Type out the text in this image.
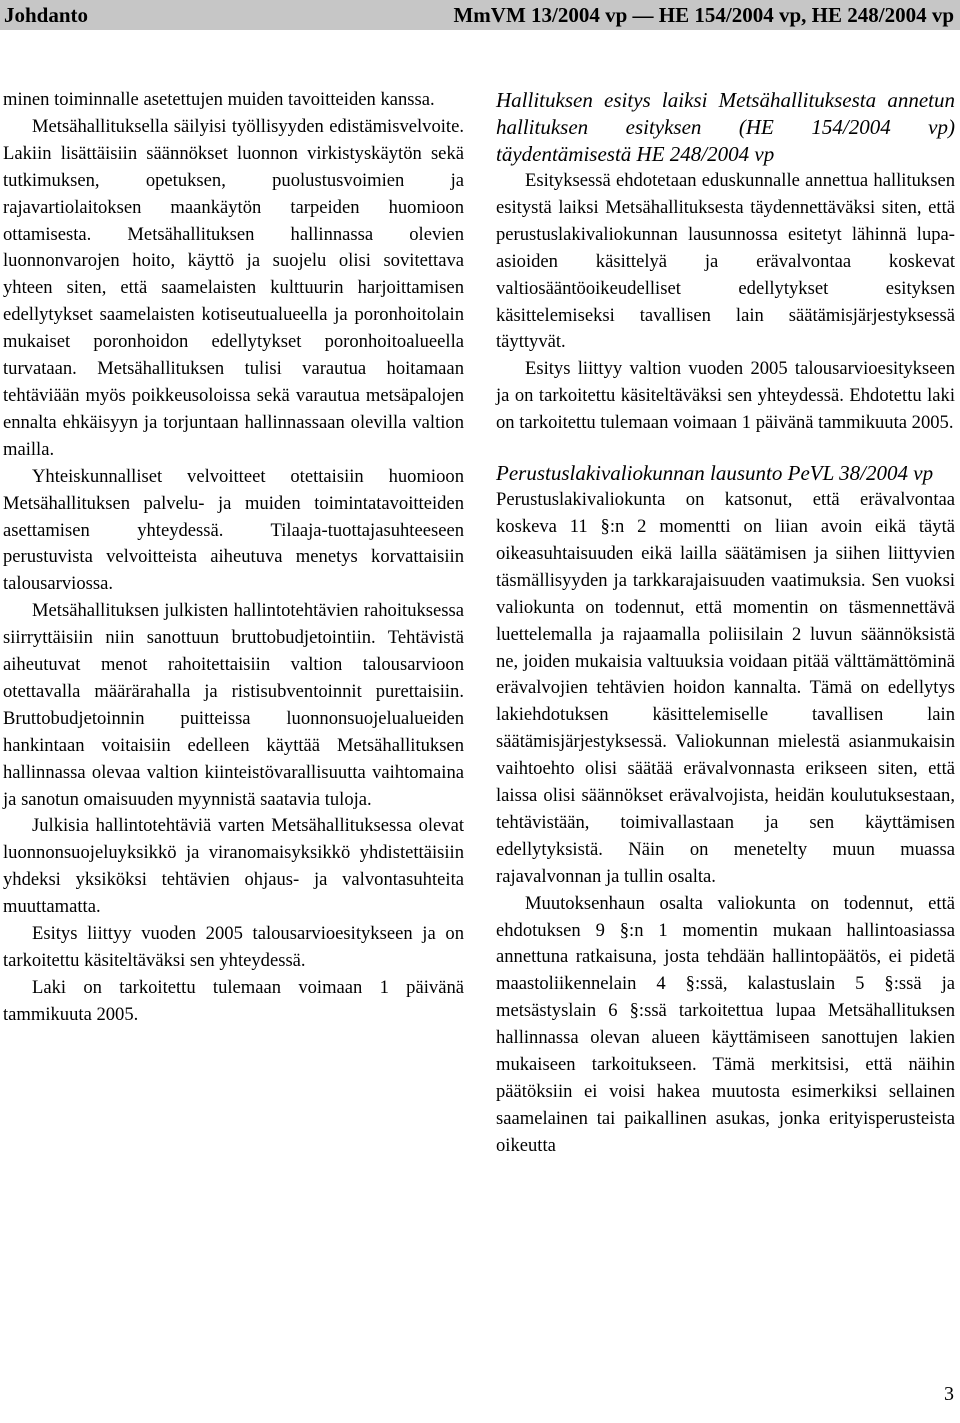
Johdanto	MmVM 13/2004 vp — HE 154/2004 vp, HE 248/2004 vp

minen toiminnalle asetettujen muiden tavoitteiden kanssa.

Metsähallituksella säilyisi työllisyyden edistämisvelvoite. Lakiin lisättäisiin säännökset luonnon virkistyskäytön sekä tutkimuksen, opetuksen, puolustusvoimien ja rajavartiolaitoksen maankäytön tarpeiden huomioon ottamisesta. Metsähallituksen hallinnassa olevien luonnonvarojen hoito, käyttö ja suojelu olisi sovitettava yhteen siten, että saamelaisten kulttuurin harjoittamisen edellytykset saamelaisten kotiseutualueella ja poronhoitolain mukaiset poronhoidon edellytykset poronhoitoalueella turvataan. Metsähallituksen tulisi varautua hoitamaan tehtäviään myös poikkeusoloissa sekä varautua metsäpalojen ennalta ehkäisyyn ja torjuntaan hallinnassaan olevilla valtion mailla.

Yhteiskunnalliset velvoitteet otettaisiin huomioon Metsähallituksen palvelu- ja muiden toimintatavoitteiden asettamisen yhteydessä. Tilaaja-tuottajasuhteeseen perustuvista velvoitteista aiheutuva menetys korvattaisiin talousarviossa.

Metsähallituksen julkisten hallintotehtävien rahoituksessa siirryttäisiin niin sanottuun bruttobudjetointiin. Tehtävistä aiheutuvat menot rahoitettaisiin valtion talousarvioon otettavalla määrärahalla ja ristisubventoinnit purettaisiin. Bruttobudjetoinnin puitteissa luonnonsuojelualueiden hankintaan voitaisiin edelleen käyttää Metsähallituksen hallinnassa olevaa valtion kiinteistövarallisuutta vaihtomaina ja sanotun omaisuuden myynnistä saatavia tuloja.

Julkisia hallintotehtäviä varten Metsähallituksessa olevat luonnonsuojeluyksikkö ja viranomaisyksikkö yhdistettäisiin yhdeksi yksiköksi tehtävien ohjaus- ja valvontasuhteita muuttamatta.

Esitys liittyy vuoden 2005 talousarvioesitykseen ja on tarkoitettu käsiteltäväksi sen yhteydessä.

Laki on tarkoitettu tulemaan voimaan 1 päivänä tammikuuta 2005.

Hallituksen esitys laiksi Metsähallituksesta annetun hallituksen esityksen (HE 154/2004 vp) täydentämisestä HE 248/2004 vp

Esityksessä ehdotetaan eduskunnalle annettua hallituksen esitystä laiksi Metsähallituksesta täydennettäväksi siten, että perustuslakivaliokunnan lausunnossa esitetyt lähinnä lupa-asioiden käsittelyä ja erävalvontaa koskevat valtiosääntöoikeudelliset edellytykset esityksen käsittelemiseksi tavallisen lain säätämisjärjestyksessä täyttyvät.

Esitys liittyy valtion vuoden 2005 talousarvioesitykseen ja on tarkoitettu käsiteltäväksi sen yhteydessä. Ehdotettu laki on tarkoitettu tulemaan voimaan 1 päivänä tammikuuta 2005.

Perustuslakivaliokunnan lausunto PeVL 38/2004 vp

Perustuslakivaliokunta on katsonut, että erävalvontaa koskeva 11 §:n 2 momentti on liian avoin eikä täytä oikeasuhtaisuuden eikä lailla säätämisen ja siihen liittyvien täsmällisyyden ja tarkkarajaisuuden vaatimuksia. Sen vuoksi valiokunta on todennut, että momentin on täsmennettävä luettelemalla ja rajaamalla poliisilain 2 luvun säännöksistä ne, joiden mukaisia valtuuksia voidaan pitää välttämättöminä erävalvojien tehtävien hoidon kannalta. Tämä on edellytys lakiehdotuksen käsittelemiselle tavallisen lain säätämisjärjestyksessä. Valiokunnan mielestä asianmukaisin vaihtoehto olisi säätää erävalvonnasta erikseen siten, että laissa olisi säännökset erävalvojista, heidän koulutuksestaan, tehtävistään, toimivallastaan ja sen käyttämisen edellytyksistä. Näin on menetelty muun muassa rajavalvonnan ja tullin osalta.

Muutoksenhaun osalta valiokunta on todennut, että ehdotuksen 9 §:n 1 momentin mukaan hallintoasiassa annettuna ratkaisuna, josta tehdään hallintopäätös, ei pidetä maastoliikennelain 4 §:ssä, kalastuslain 5 §:ssä ja metsästyslain 6 §:ssä tarkoitettua lupaa Metsähallituksen hallinnassa olevan alueen käyttämiseen sanottujen lakien mukaiseen tarkoitukseen. Tämä merkitsisi, että näihin päätöksiin ei voisi hakea muutosta esimerkiksi sellainen saamelainen tai paikallinen asukas, jonka erityisperusteista oikeutta

3
